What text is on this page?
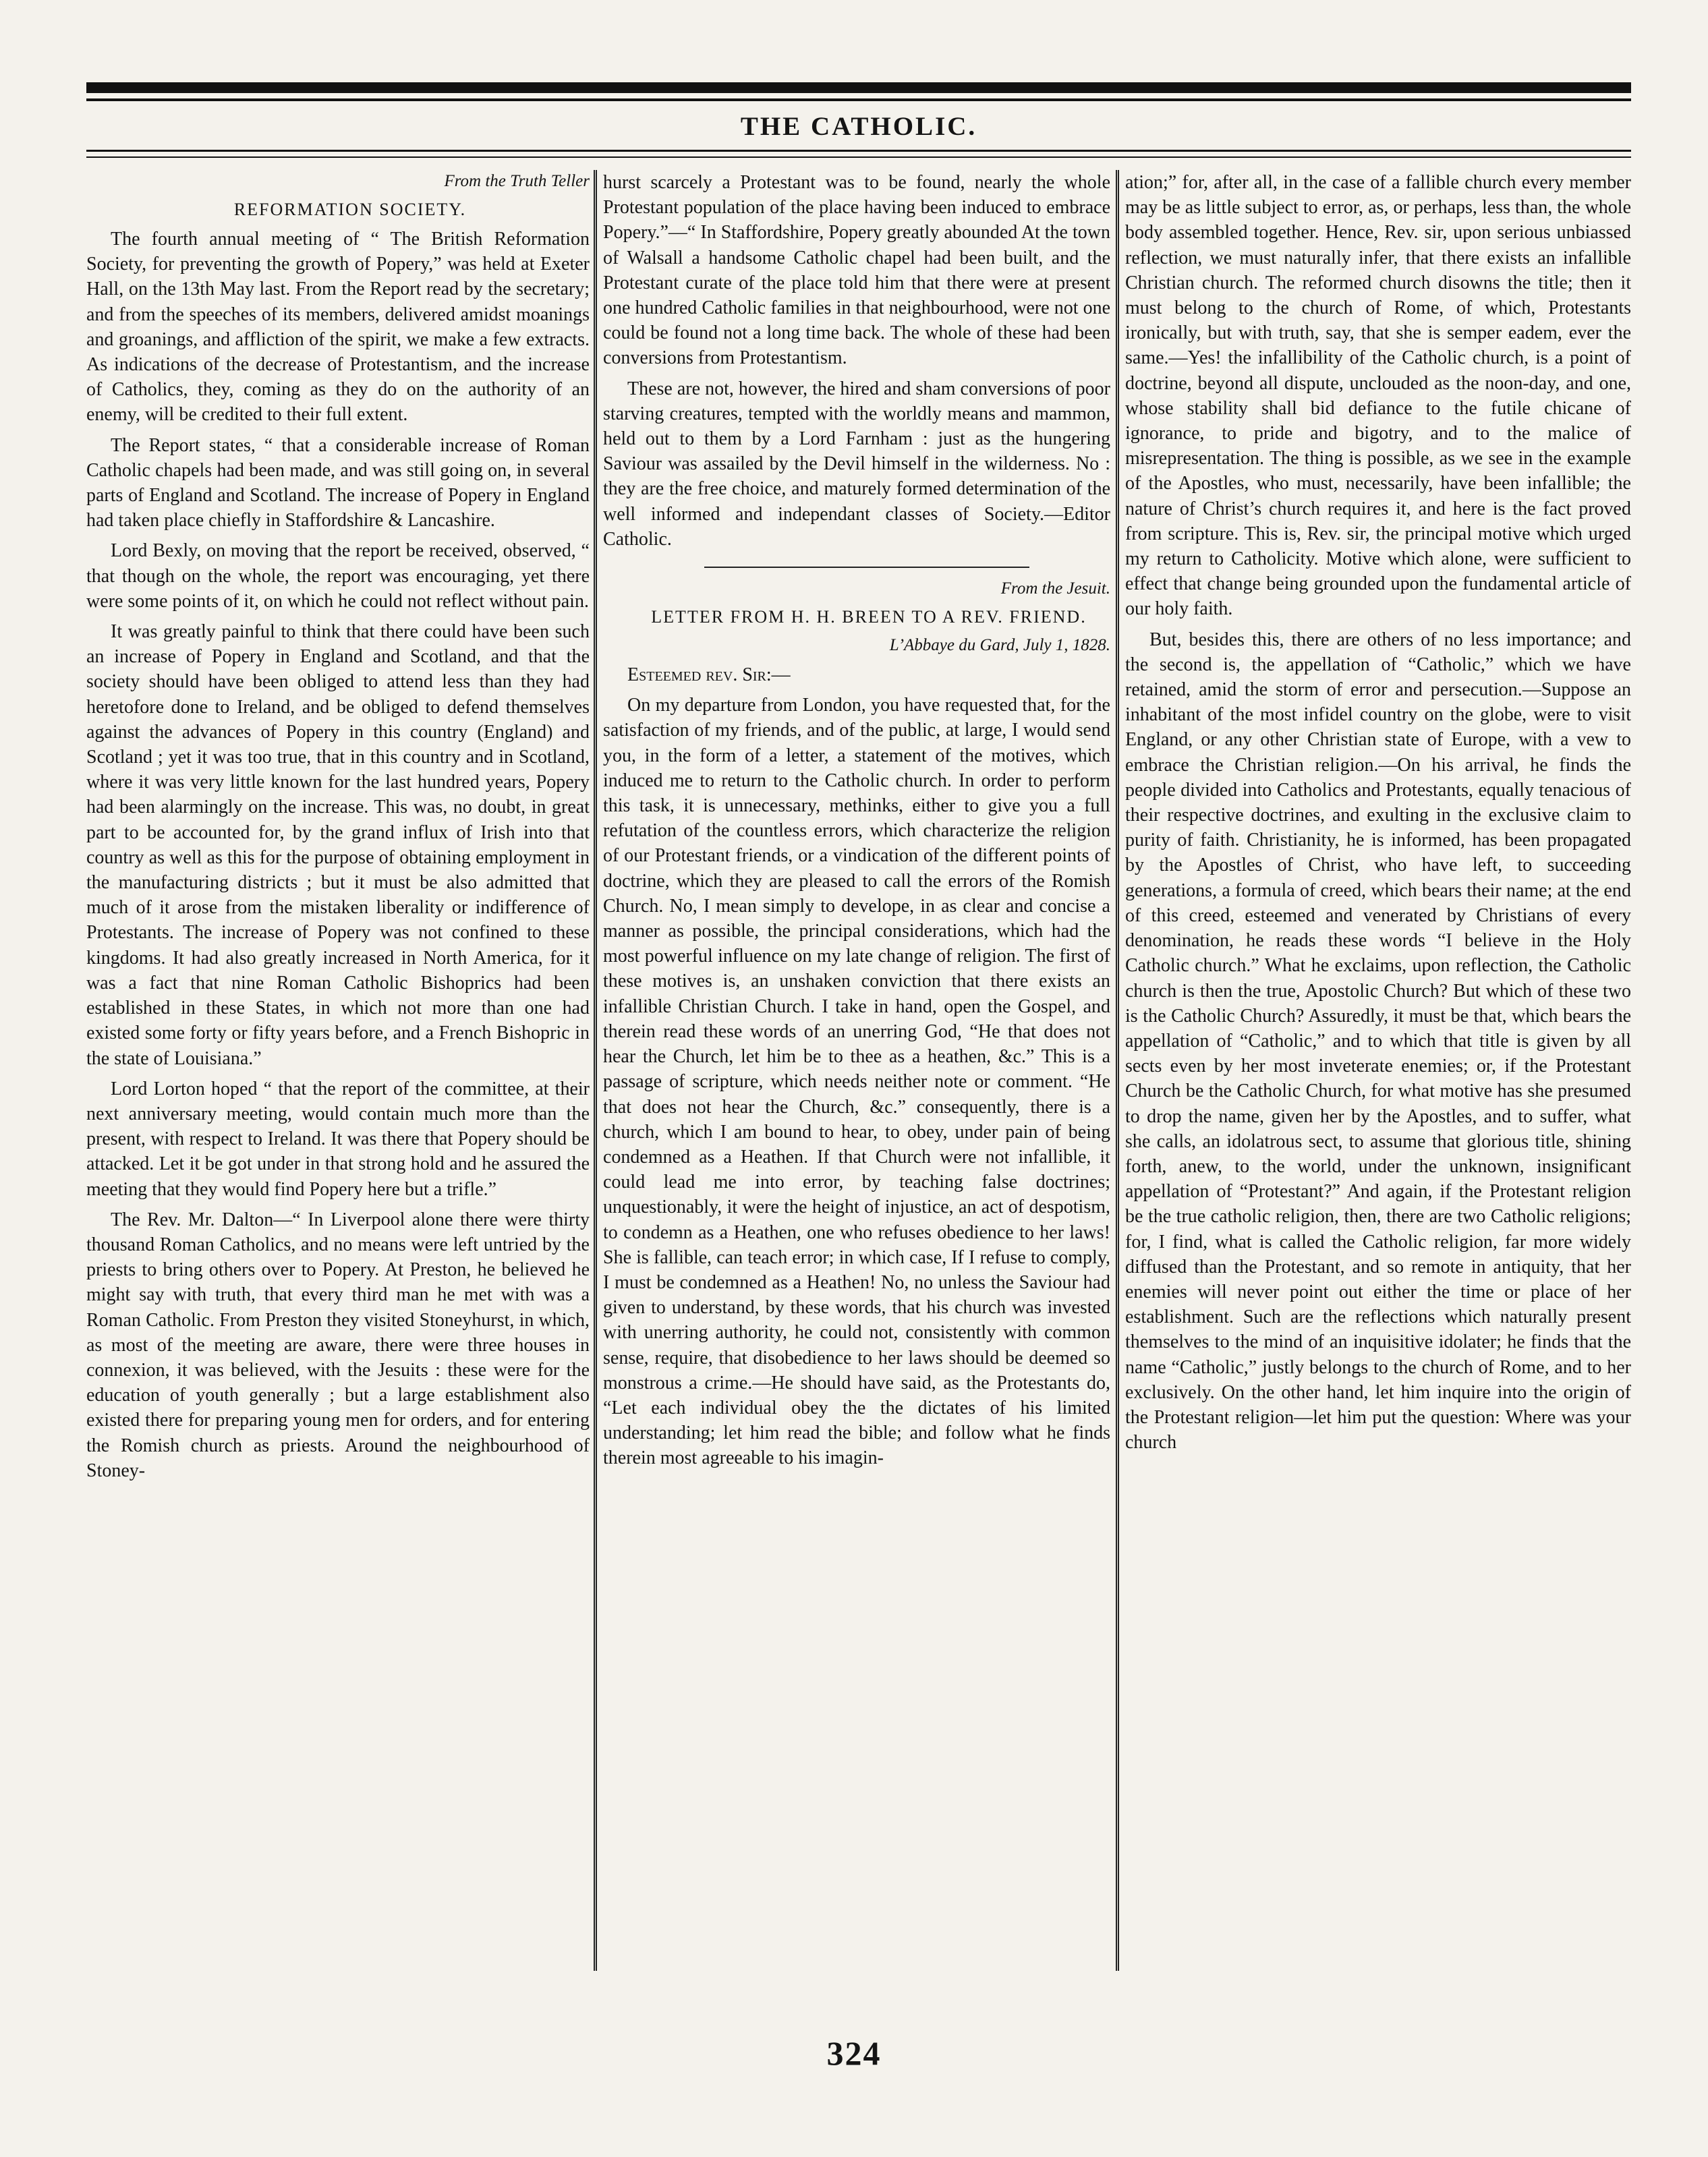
THE CATHOLIC.

From the Truth Teller

REFORMATION SOCIETY.

The fourth annual meeting of “ The British Reformation Society, for preventing the growth of Popery,” was held at Exeter Hall, on the 13th May last. From the Report read by the secretary; and from the speeches of its members, delivered amidst moanings and groanings, and affliction of the spirit, we make a few extracts. As indications of the decrease of Protestantism, and the increase of Catholics, they, coming as they do on the authority of an enemy, will be credited to their full extent.

The Report states, “ that a considerable increase of Roman Catholic chapels had been made, and was still going on, in several parts of England and Scotland. The increase of Popery in England had taken place chiefly in Staffordshire & Lancashire.

Lord Bexly, on moving that the report be received, observed, “ that though on the whole, the report was encouraging, yet there were some points of it, on which he could not reflect without pain.

It was greatly painful to think that there could have been such an increase of Popery in England and Scotland, and that the society should have been obliged to attend less than they had heretofore done to Ireland, and be obliged to defend themselves against the advances of Popery in this country (England) and Scotland ; yet it was too true, that in this country and in Scotland, where it was very little known for the last hundred years, Popery had been alarmingly on the increase. This was, no doubt, in great part to be accounted for, by the grand influx of Irish into that country as well as this for the purpose of obtaining employment in the manufacturing districts ; but it must be also admitted that much of it arose from the mistaken liberality or indifference of Protestants. The increase of Popery was not confined to these kingdoms. It had also greatly increased in North America, for it was a fact that nine Roman Catholic Bishoprics had been established in these States, in which not more than one had existed some forty or fifty years before, and a French Bishopric in the state of Louisiana.”

Lord Lorton hoped “ that the report of the committee, at their next anniversary meeting, would contain much more than the present, with respect to Ireland. It was there that Popery should be attacked. Let it be got under in that strong hold and he assured the meeting that they would find Popery here but a trifle.”

The Rev. Mr. Dalton—“ In Liverpool alone there were thirty thousand Roman Catholics, and no means were left untried by the priests to bring others over to Popery. At Preston, he believed he might say with truth, that every third man he met with was a Roman Catholic. From Preston they visited Stoneyhurst, in which, as most of the meeting are aware, there were three houses in connexion, it was believed, with the Jesuits : these were for the education of youth generally ; but a large establishment also existed there for preparing young men for orders, and for entering the Romish church as priests. Around the neighbourhood of Stoney-

hurst scarcely a Protestant was to be found, nearly the whole Protestant population of the place having been induced to embrace Popery.”—“ In Staffordshire, Popery greatly abounded At the town of Walsall a handsome Catholic chapel had been built, and the Protestant curate of the place told him that there were at present one hundred Catholic families in that neighbourhood, were not one could be found not a long time back. The whole of these had been conversions from Protestantism.

These are not, however, the hired and sham conversions of poor starving creatures, tempted with the worldly means and mammon, held out to them by a Lord Farnham : just as the hungering Saviour was assailed by the Devil himself in the wilderness. No : they are the free choice, and maturely formed determination of the well informed and independant classes of Society.—Editor Catholic.

From the Jesuit.

LETTER FROM H. H. BREEN TO A REV. FRIEND.

L’Abbaye du Gard, July 1, 1828.

Esteemed rev. Sir:—

On my departure from London, you have requested that, for the satisfaction of my friends, and of the public, at large, I would send you, in the form of a letter, a statement of the motives, which induced me to return to the Catholic church. In order to perform this task, it is unnecessary, methinks, either to give you a full refutation of the countless errors, which characterize the religion of our Protestant friends, or a vindication of the different points of doctrine, which they are pleased to call the errors of the Romish Church. No, I mean simply to develope, in as clear and concise a manner as possible, the principal considerations, which had the most powerful influence on my late change of religion. The first of these motives is, an unshaken conviction that there exists an infallible Christian Church. I take in hand, open the Gospel, and therein read these words of an unerring God, “He that does not hear the Church, let him be to thee as a heathen, &c.” This is a passage of scripture, which needs neither note or comment. “He that does not hear the Church, &c.” consequently, there is a church, which I am bound to hear, to obey, under pain of being condemned as a Heathen. If that Church were not infallible, it could lead me into error, by teaching false doctrines; unquestionably, it were the height of injustice, an act of despotism, to condemn as a Heathen, one who refuses obedience to her laws! She is fallible, can teach error; in which case, If I refuse to comply, I must be condemned as a Heathen! No, no unless the Saviour had given to understand, by these words, that his church was invested with unerring authority, he could not, consistently with common sense, require, that disobedience to her laws should be deemed so monstrous a crime.—He should have said, as the Protestants do, “Let each individual obey the the dictates of his limited understanding; let him read the bible; and follow what he finds therein most agreeable to his imagin-

ation;” for, after all, in the case of a fallible church every member may be as little subject to error, as, or perhaps, less than, the whole body assembled together. Hence, Rev. sir, upon serious unbiassed reflection, we must naturally infer, that there exists an infallible Christian church. The reformed church disowns the title; then it must belong to the church of Rome, of which, Protestants ironically, but with truth, say, that she is semper eadem, ever the same.—Yes! the infallibility of the Catholic church, is a point of doctrine, beyond all dispute, unclouded as the noon-day, and one, whose stability shall bid defiance to the futile chicane of ignorance, to pride and bigotry, and to the malice of misrepresentation. The thing is possible, as we see in the example of the Apostles, who must, necessarily, have been infallible; the nature of Christ’s church requires it, and here is the fact proved from scripture. This is, Rev. sir, the principal motive which urged my return to Catholicity. Motive which alone, were sufficient to effect that change being grounded upon the fundamental article of our holy faith.

But, besides this, there are others of no less importance; and the second is, the appellation of “Catholic,” which we have retained, amid the storm of error and persecution.—Suppose an inhabitant of the most infidel country on the globe, were to visit England, or any other Christian state of Europe, with a vew to embrace the Christian religion.—On his arrival, he finds the people divided into Catholics and Protestants, equally tenacious of their respective doctrines, and exulting in the exclusive claim to purity of faith. Christianity, he is informed, has been propagated by the Apostles of Christ, who have left, to succeeding generations, a formula of creed, which bears their name; at the end of this creed, esteemed and venerated by Christians of every denomination, he reads these words “I believe in the Holy Catholic church.” What he exclaims, upon reflection, the Catholic church is then the true, Apostolic Church? But which of these two is the Catholic Church? Assuredly, it must be that, which bears the appellation of “Catholic,” and to which that title is given by all sects even by her most inveterate enemies; or, if the Protestant Church be the Catholic Church, for what motive has she presumed to drop the name, given her by the Apostles, and to suffer, what she calls, an idolatrous sect, to assume that glorious title, shining forth, anew, to the world, under the unknown, insignificant appellation of “Protestant?” And again, if the Protestant religion be the true catholic religion, then, there are two Catholic religions; for, I find, what is called the Catholic religion, far more widely diffused than the Protestant, and so remote in antiquity, that her enemies will never point out either the time or place of her establishment. Such are the reflections which naturally present themselves to the mind of an inquisitive idolater; he finds that the name “Catholic,” justly belongs to the church of Rome, and to her exclusively. On the other hand, let him inquire into the origin of the Protestant religion—let him put the question: Where was your church

324
